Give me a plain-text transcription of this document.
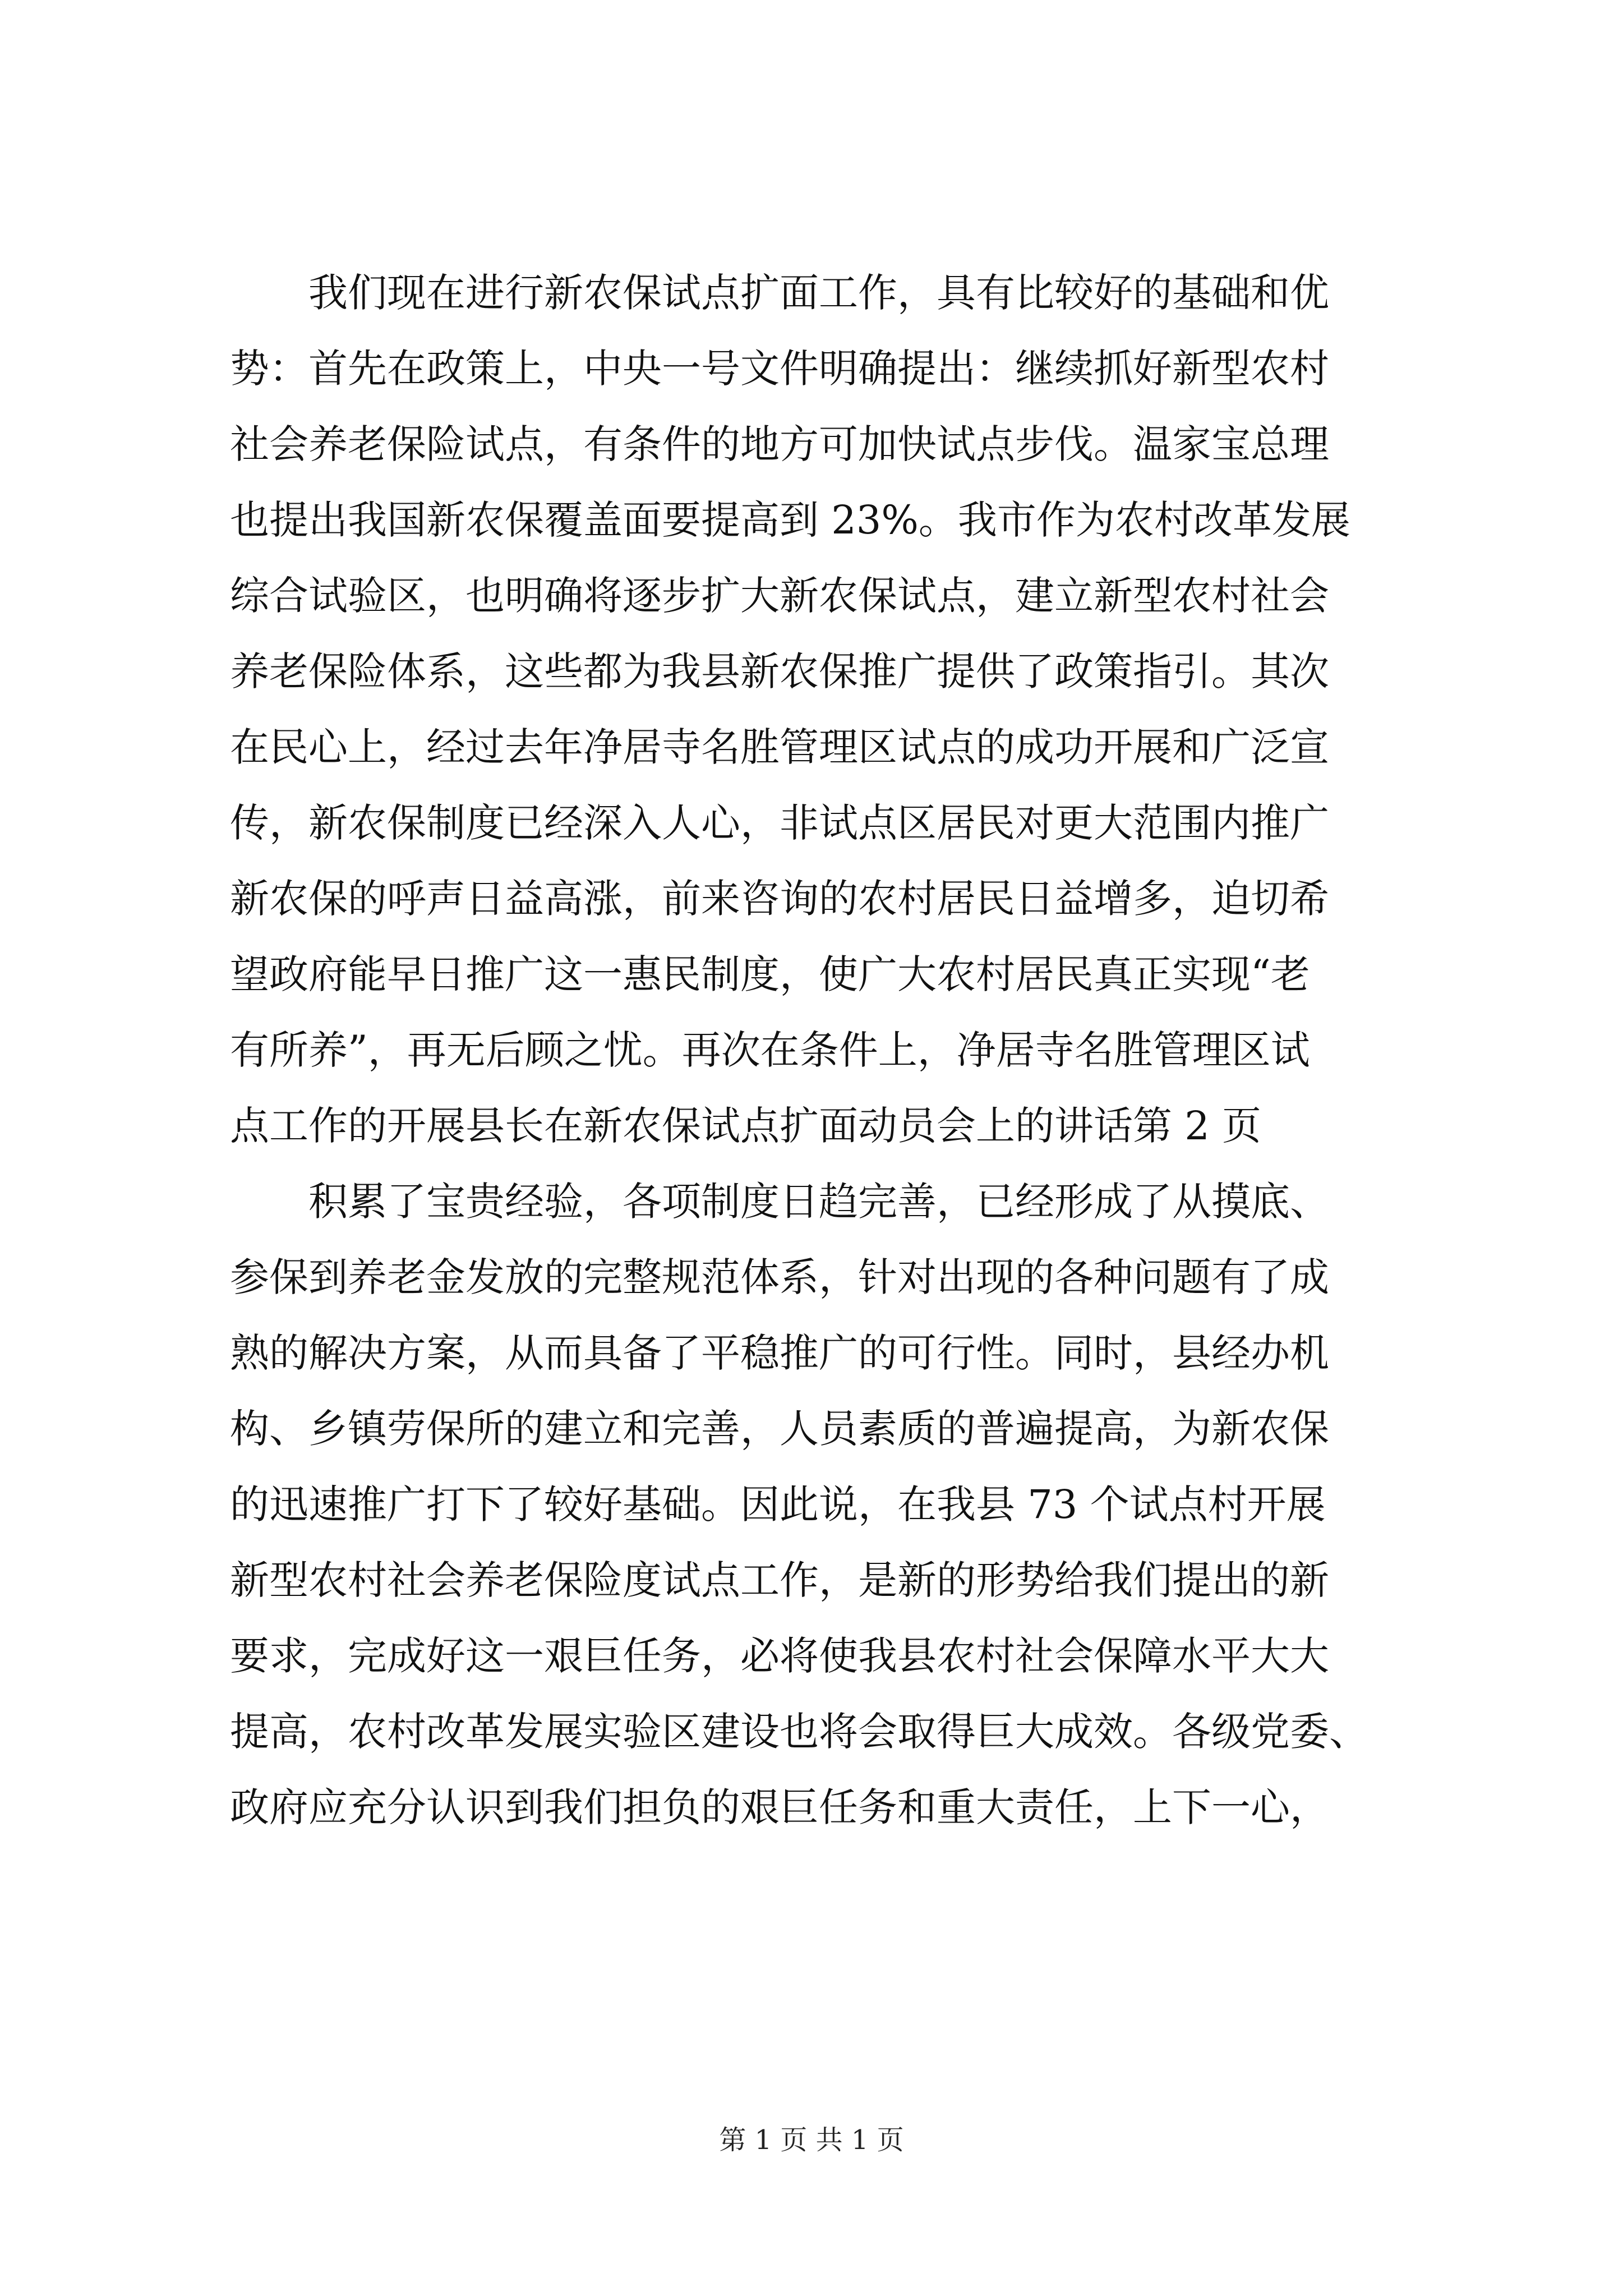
我们现在进行新农保试点扩面工作，具有比较好的基础和优
势：首先在政策上，中央一号文件明确提出：继续抓好新型农村
社会养老保险试点，有条件的地方可加快试点步伐。温家宝总理
也提出我国新农保覆盖面要提高到 23%。我市作为农村改革发展
综合试验区，也明确将逐步扩大新农保试点，建立新型农村社会
养老保险体系，这些都为我县新农保推广提供了政策指引。其次
在民心上，经过去年净居寺名胜管理区试点的成功开展和广泛宣
传，新农保制度已经深入人心，非试点区居民对更大范围内推广
新农保的呼声日益高涨，前来咨询的农村居民日益增多，迫切希
望政府能早日推广这一惠民制度，使广大农村居民真正实现“老
有所养”，再无后顾之忧。再次在条件上，净居寺名胜管理区试
点工作的开展县长在新农保试点扩面动员会上的讲话第 2 页
积累了宝贵经验，各项制度日趋完善，已经形成了从摸底、
参保到养老金发放的完整规范体系，针对出现的各种问题有了成
熟的解决方案，从而具备了平稳推广的可行性。同时，县经办机
构、乡镇劳保所的建立和完善，人员素质的普遍提高，为新农保
的迅速推广打下了较好基础。因此说，在我县 73 个试点村开展
新型农村社会养老保险度试点工作，是新的形势给我们提出的新
要求，完成好这一艰巨任务，必将使我县农村社会保障水平大大
提高，农村改革发展实验区建设也将会取得巨大成效。各级党委、
政府应充分认识到我们担负的艰巨任务和重大责任，上下一心，
第 1 页 共 1 页
